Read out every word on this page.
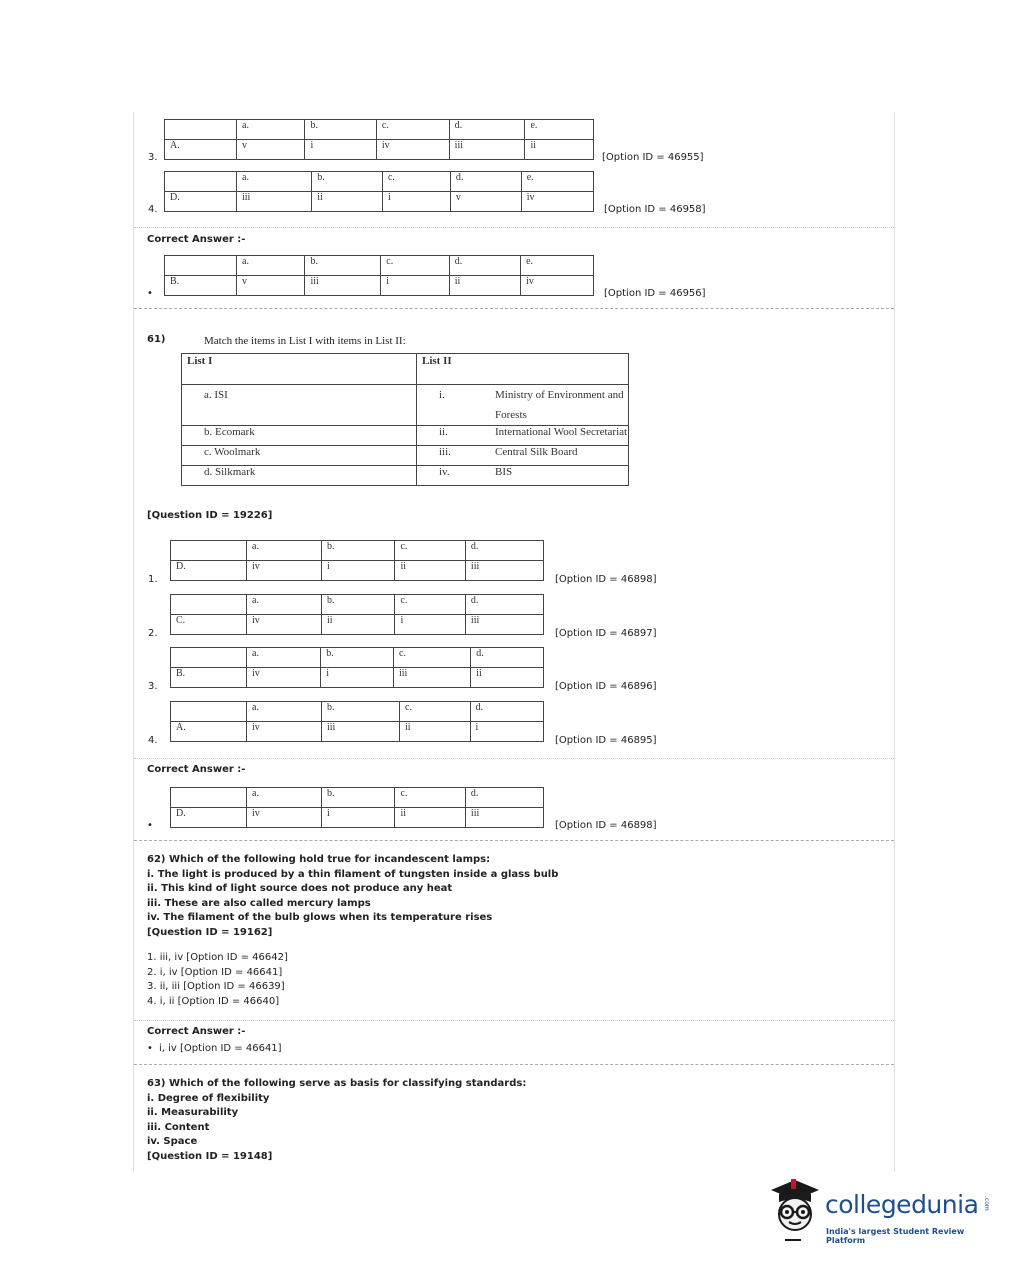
	a.	b.	c.	d.	e.
A.	v	i	iv	iii	ii
3.	[Option ID = 46955]
	a.	b.	c.	d.	e.
D.	iii	ii	i	v	iv
4.	[Option ID = 46958]
Correct Answer :-
	a.	b.	c.	d.	e.
B.	v	iii	i	ii	iv
•	[Option ID = 46956]
61)	Match the items in List I with items in List II:
List I	List II	
a. ISI	i.	Ministry of Environment and
Forests
b. Ecomark	ii.	International Wool Secretariat
c. Woolmark	iii.	Central Silk Board
d. Silkmark	iv.	BIS
[Question ID = 19226]
	a.	b.	c.	d.
D.	iv	i	ii	iii
1.	[Option ID = 46898]
	a.	b.	c.	d.
C.	iv	ii	i	iii
2.	[Option ID = 46897]
	a.	b.	c.	d.
B.	iv	i	iii	ii
3.	[Option ID = 46896]
	a.	b.	c.	d.
A.	iv	iii	ii	i
4.	[Option ID = 46895]
Correct Answer :-
	a.	b.	c.	d.
D.	iv	i	ii	iii
•	[Option ID = 46898]
62) Which of the following hold true for incandescent lamps:
i. The light is produced by a thin filament of tungsten inside a glass bulb
ii. This kind of light source does not produce any heat
iii. These are also called mercury lamps
iv. The filament of the bulb glows when its temperature rises
[Question ID = 19162]
1. iii, iv [Option ID = 46642]
2. i, iv [Option ID = 46641]
3. ii, iii [Option ID = 46639]
4. i, ii [Option ID = 46640]
Correct Answer :-
• i, iv [Option ID = 46641]
63) Which of the following serve as basis for classifying standards:
i. Degree of flexibility
ii. Measurability
iii. Content
iv. Space
[Question ID = 19148]
collegedunia .com
India's largest Student Review Platform
